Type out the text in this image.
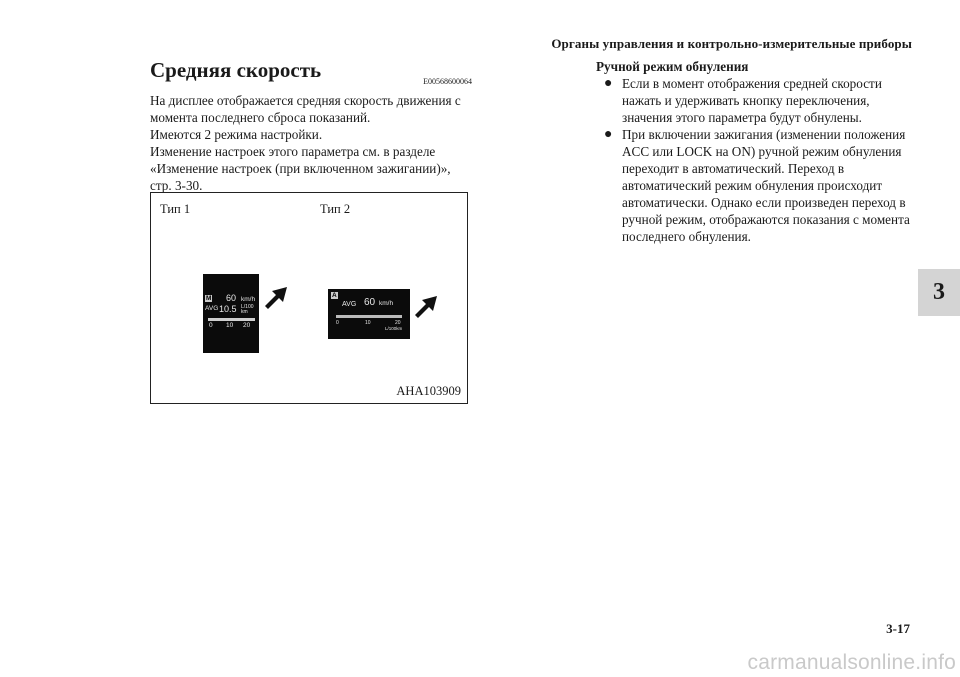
Органы управления и контрольно-измерительные приборы
Средняя скорость	E00568600064

На дисплее отображается средняя скорость движения с момента последнего сброса показаний.

Имеются 2 режима настройки.

Изменение настроек этого параметра см. в разделе «Изменение настроек (при включенном зажигании)», стр. 3-30.

Тип 1	Тип 2
M
AVG
60 km/h
10.5 L/100 km
0 10 20
A
AVG 60 km/h
0	10	20
L/100km
AHA103909

Ручной режим обнуления

● Если в момент отображения средней скорости нажать и удерживать кнопку переключения, значения этого параметра будут обнулены.
● При включении зажигания (изменении положения ACC или LOCK на ON) ручной режим обнуления переходит в автоматический. Переход в автоматический режим обнуления происходит автоматически. Однако если произведен переход в ручной режим, отображаются показания с момента последнего обнуления.
3
3-17
carmanualsonline.info
